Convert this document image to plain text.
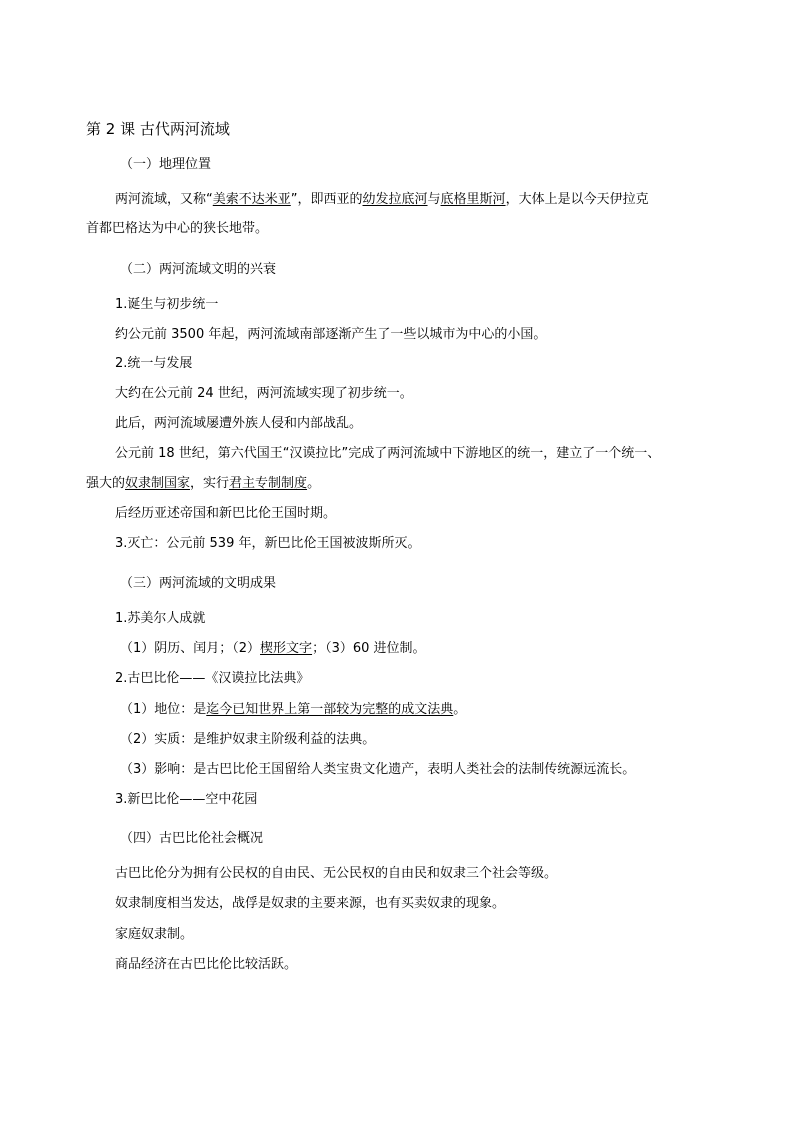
第 2 课 古代两河流域
（一）地理位置
两河流域，又称“美索不达米亚”，即西亚的幼发拉底河与底格里斯河，大体上是以今天伊拉克
首都巴格达为中心的狭长地带。
（二）两河流域文明的兴衰
1.诞生与初步统一
约公元前 3500 年起，两河流域南部逐渐产生了一些以城市为中心的小国。
2.统一与发展
大约在公元前 24 世纪，两河流域实现了初步统一。
此后，两河流域屡遭外族人侵和内部战乱。
公元前 18 世纪，第六代国王“汉谟拉比”完成了两河流域中下游地区的统一，建立了一个统一、
强大的奴隶制国家，实行君主专制制度。
后经历亚述帝国和新巴比伦王国时期。
3.灭亡：公元前 539 年，新巴比伦王国被波斯所灭。
（三）两河流域的文明成果
1.苏美尔人成就
（1）阴历、闰月；（2）楔形文字；（3）60 进位制。
2.古巴比伦——《汉谟拉比法典》
（1）地位：是迄今已知世界上第一部较为完整的成文法典。
（2）实质：是维护奴隶主阶级利益的法典。
（3）影响：是古巴比伦王国留给人类宝贵文化遗产，表明人类社会的法制传统源远流长。
3.新巴比伦——空中花园
（四）古巴比伦社会概况
古巴比伦分为拥有公民权的自由民、无公民权的自由民和奴隶三个社会等级。
奴隶制度相当发达，战俘是奴隶的主要来源，也有买卖奴隶的现象。
家庭奴隶制。
商品经济在古巴比伦比较活跃。
